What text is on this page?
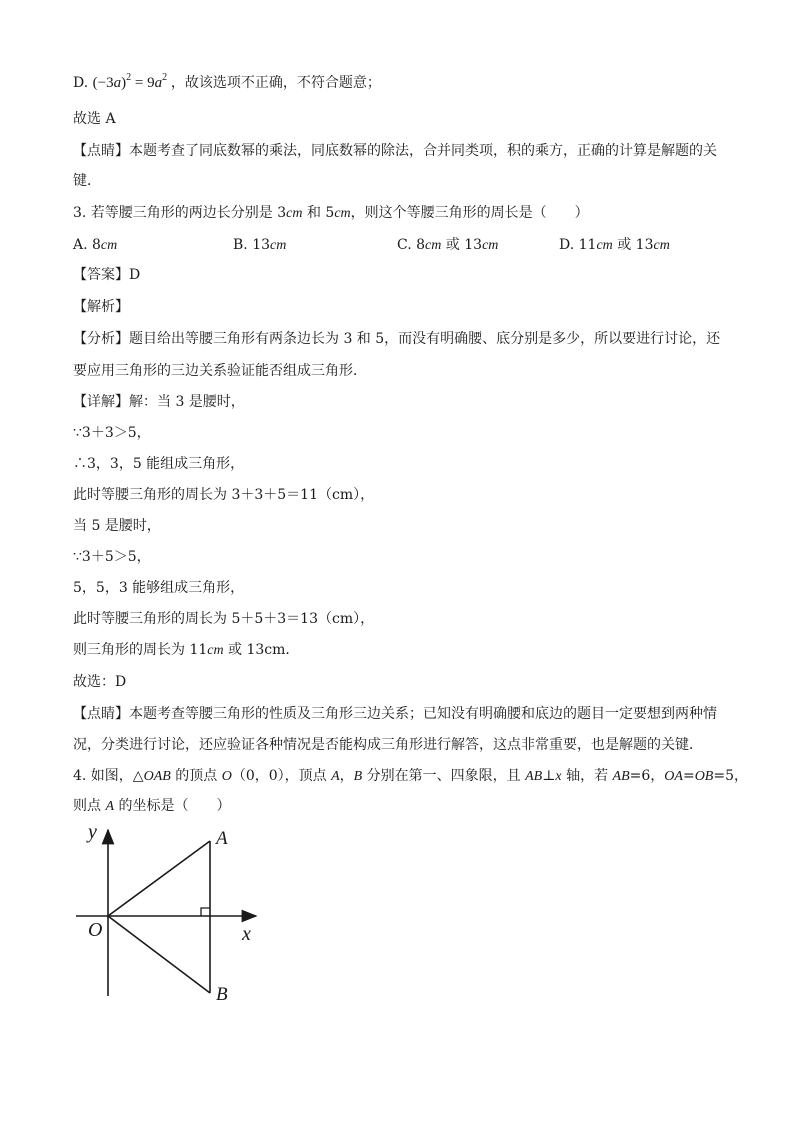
D. $(-3a)^2 = 9a^2$ ，故该选项不正确，不符合题意；
故选 A
【点睛】本题考查了同底数幂的乘法，同底数幂的除法，合并同类项，积的乘方，正确的计算是解题的关
键．
3. 若等腰三角形的两边长分别是 3cm 和 5cm，则这个等腰三角形的周长是（　　）
A. 8cm	B. 13cm	C. 8cm 或 13cm	D. 11cm 或 13cm
【答案】D
【解析】
【分析】题目给出等腰三角形有两条边长为 3 和 5，而没有明确腰、底分别是多少，所以要进行讨论，还
要应用三角形的三边关系验证能否组成三角形．
【详解】解：当 3 是腰时，
∵3＋3＞5，
∴3，3，5 能组成三角形，
此时等腰三角形的周长为 3＋3＋5＝11（cm），
当 5 是腰时，
∵3＋5＞5，
5，5，3 能够组成三角形，
此时等腰三角形的周长为 5＋5＋3＝13（cm），
则三角形的周长为 11cm 或 13cm．
故选：D
【点睛】本题考查等腰三角形的性质及三角形三边关系；已知没有明确腰和底边的题目一定要想到两种情
况，分类进行讨论，还应验证各种情况是否能构成三角形进行解答，这点非常重要，也是解题的关键．
4. 如图，△OAB 的顶点 O（0，0），顶点 A，B 分别在第一、四象限，且 AB⊥x 轴，若 AB=6，OA=OB=5，
则点 A 的坐标是（　　）
y
x
O
A
B
